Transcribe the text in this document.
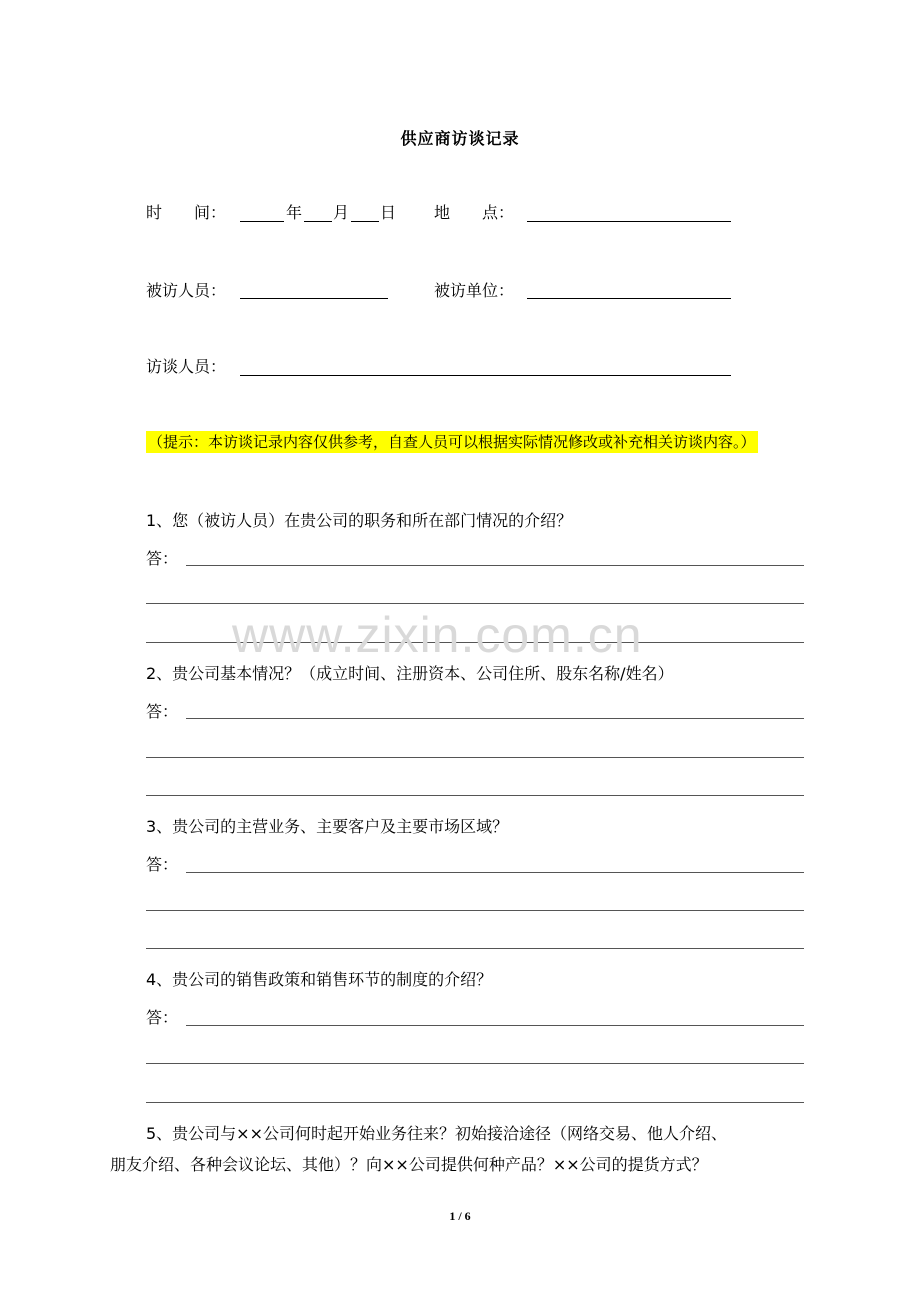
供应商访谈记录
时　　间：	年 月 日 地　　点：
被访人员：	被访单位：
访谈人员：
（提示：本访谈记录内容仅供参考，自查人员可以根据实际情况修改或补充相关访谈内容。）
1、您（被访人员）在贵公司的职务和所在部门情况的介绍？
答：
2、贵公司基本情况？（成立时间、注册资本、公司住所、股东名称/姓名）
答：
3、贵公司的主营业务、主要客户及主要市场区域？
答：
4、贵公司的销售政策和销售环节的制度的介绍？
答：
5、贵公司与××公司何时起开始业务往来？初始接洽途径（网络交易、他人介绍、
朋友介绍、各种会议论坛、其他）？向××公司提供何种产品？××公司的提货方式？
www.zixin.com.cn
1 / 6
